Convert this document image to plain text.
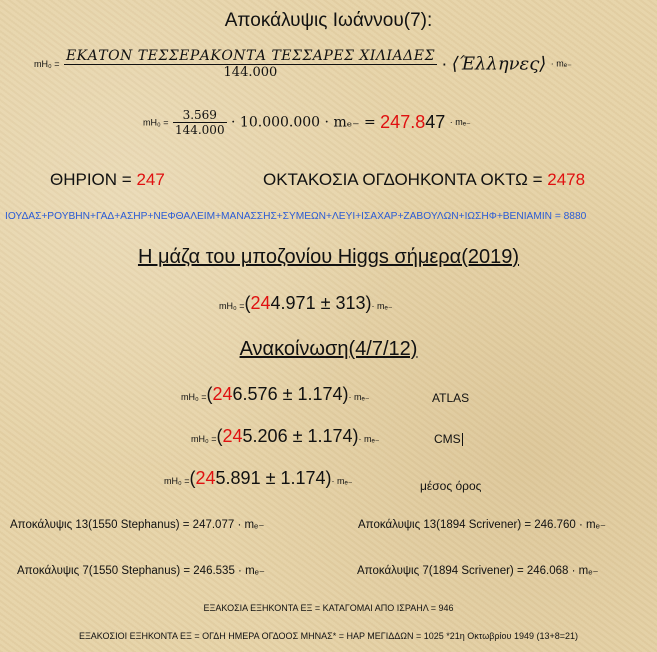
Αποκάλυψις Ιωάννου(7):
$mH_0 = \frac{\text{ΕΚΑΤΟΝ ΤΕΣΣΕΡΑΚΟΝΤΑ ΤΕΣΣΑΡΕΣ ΧΙΛΙΑΔΕΣ}}{144.000}$ · ⟨Έλληνες⟩ · mₑ₋
$mH_0 = \frac{3.569}{144.000} \cdot 10.000.000 \cdot m_{e-} = 247.847 \cdot m_{e-}$
ΘΗΡΙΟΝ = 247	ΟΚΤΑΚΟΣΙΑ ΟΓΔΟΗΚΟΝΤΑ ΟΚΤΩ = 2478
ΙΟΥΔΑΣ+ΡΟΥΒΗΝ+ΓΑΔ+ΑΣΗΡ+ΝΕΦΘΑΛΕΙΜ+ΜΑΝΑΣΣΗΣ+ΣΥΜΕΩΝ+ΛΕΥΙ+ΙΣΑΧΑΡ+ΖΑΒΟΥΛΩΝ+ΙΩΣΗΦ+ΒΕΝΙΑΜΙΝ = 8880
Η μάζα του μποζονίου Higgs σήμερα(2019)
mH₀ =(244.971 ± 313)· mₑ₋
Ανακοίνωση(4/7/12)
mH₀ =(246.576 ± 1.174)· mₑ₋	ATLAS
mH₀ =(245.206 ± 1.174)· mₑ₋	CMS
mH₀ =(245.891 ± 1.174)· mₑ₋	μέσος όρος
Αποκάλυψις 13(1550 Stephanus) = 247.077 · mₑ₋	Αποκάλυψις 13(1894 Scrivener) = 246.760 · mₑ₋
Αποκάλυψις 7(1550 Stephanus) = 246.535 · mₑ₋	Αποκάλυψις 7(1894 Scrivener) = 246.068 · mₑ₋
ΕΞΑΚΟΣΙΑ ΕΞΗΚΟΝΤΑ ΕΞ = ΚΑΤΑΓΟΜΑΙ ΑΠΟ ΙΣΡΑΗΛ = 946
ΕΞΑΚΟΣΙΟΙ ΕΞΗΚΟΝΤΑ ΕΞ = ΟΓΔΗ ΗΜΕΡΑ ΟΓΔΟΟΣ ΜΗΝΑΣ* = ΗΑΡ ΜΕΓΙΔΔΩΝ = 1025 *21η Οκτωβρίου 1949 (13+8=21)
